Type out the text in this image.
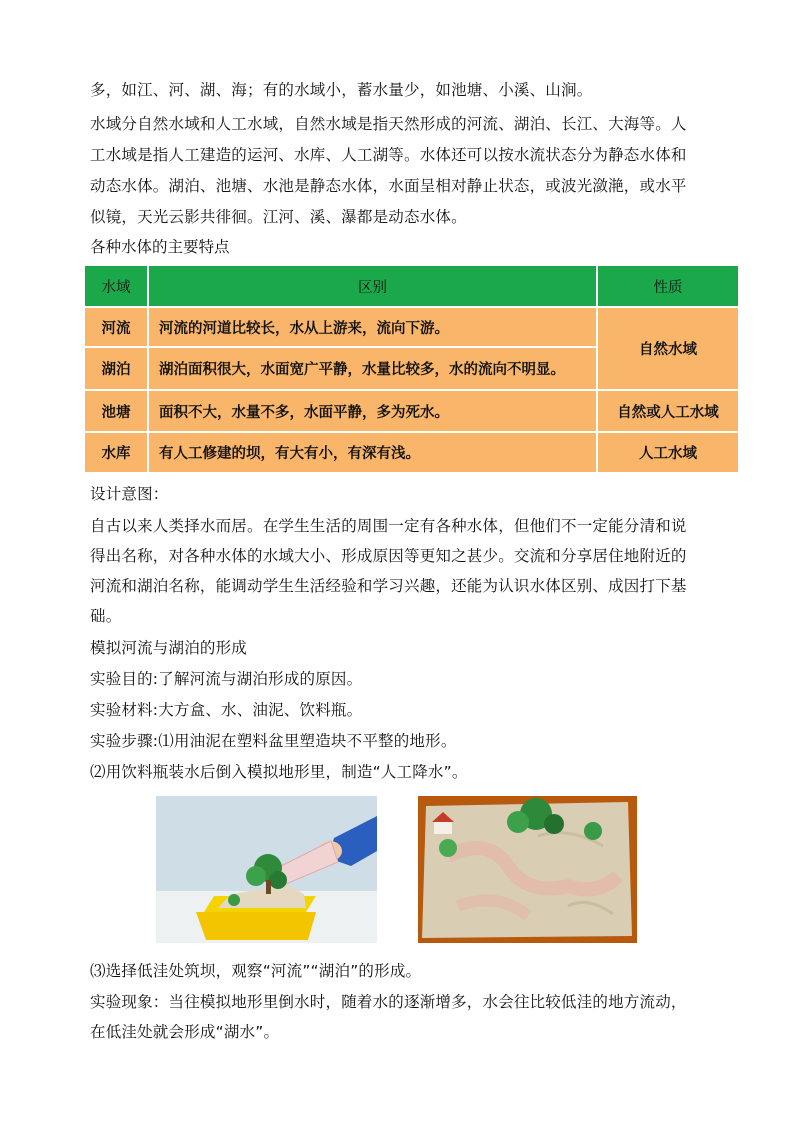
多，如江、河、湖、海；有的水域小，蓄水量少，如池塘、小溪、山涧。
水域分自然水域和人工水域，自然水域是指天然形成的河流、湖泊、长江、大海等。人
工水域是指人工建造的运河、水库、人工湖等。水体还可以按水流状态分为静态水体和
动态水体。湖泊、池塘、水池是静态水体，水面呈相对静止状态，或波光潋滟，或水平
似镜，天光云影共徘徊。江河、溪、瀑都是动态水体。
各种水体的主要特点
水域	区别	性质
河流	河流的河道比较长，水从上游来，流向下游。	自然水域
湖泊	湖泊面积很大，水面宽广平静，水量比较多，水的流向不明显。	
池塘	面积不大，水量不多，水面平静，多为死水。	自然或人工水域
水库	有人工修建的坝，有大有小，有深有浅。	人工水域
设计意图：
自古以来人类择水而居。在学生生活的周围一定有各种水体，但他们不一定能分清和说
得出名称，对各种水体的水域大小、形成原因等更知之甚少。交流和分享居住地附近的
河流和湖泊名称，能调动学生生活经验和学习兴趣，还能为认识水体区别、成因打下基
础。
模拟河流与湖泊的形成
实验目的:了解河流与湖泊形成的原因。
实验材料:大方盒、水、油泥、饮料瓶。
实验步骤:⑴用油泥在塑料盆里塑造块不平整的地形。
⑵用饮料瓶装水后倒入模拟地形里，制造“人工降水”。
⑶选择低洼处筑坝，观察“河流”“湖泊”的形成。
实验现象：当往模拟地形里倒水时，随着水的逐渐增多，水会往比较低洼的地方流动，
在低洼处就会形成“湖水”。
